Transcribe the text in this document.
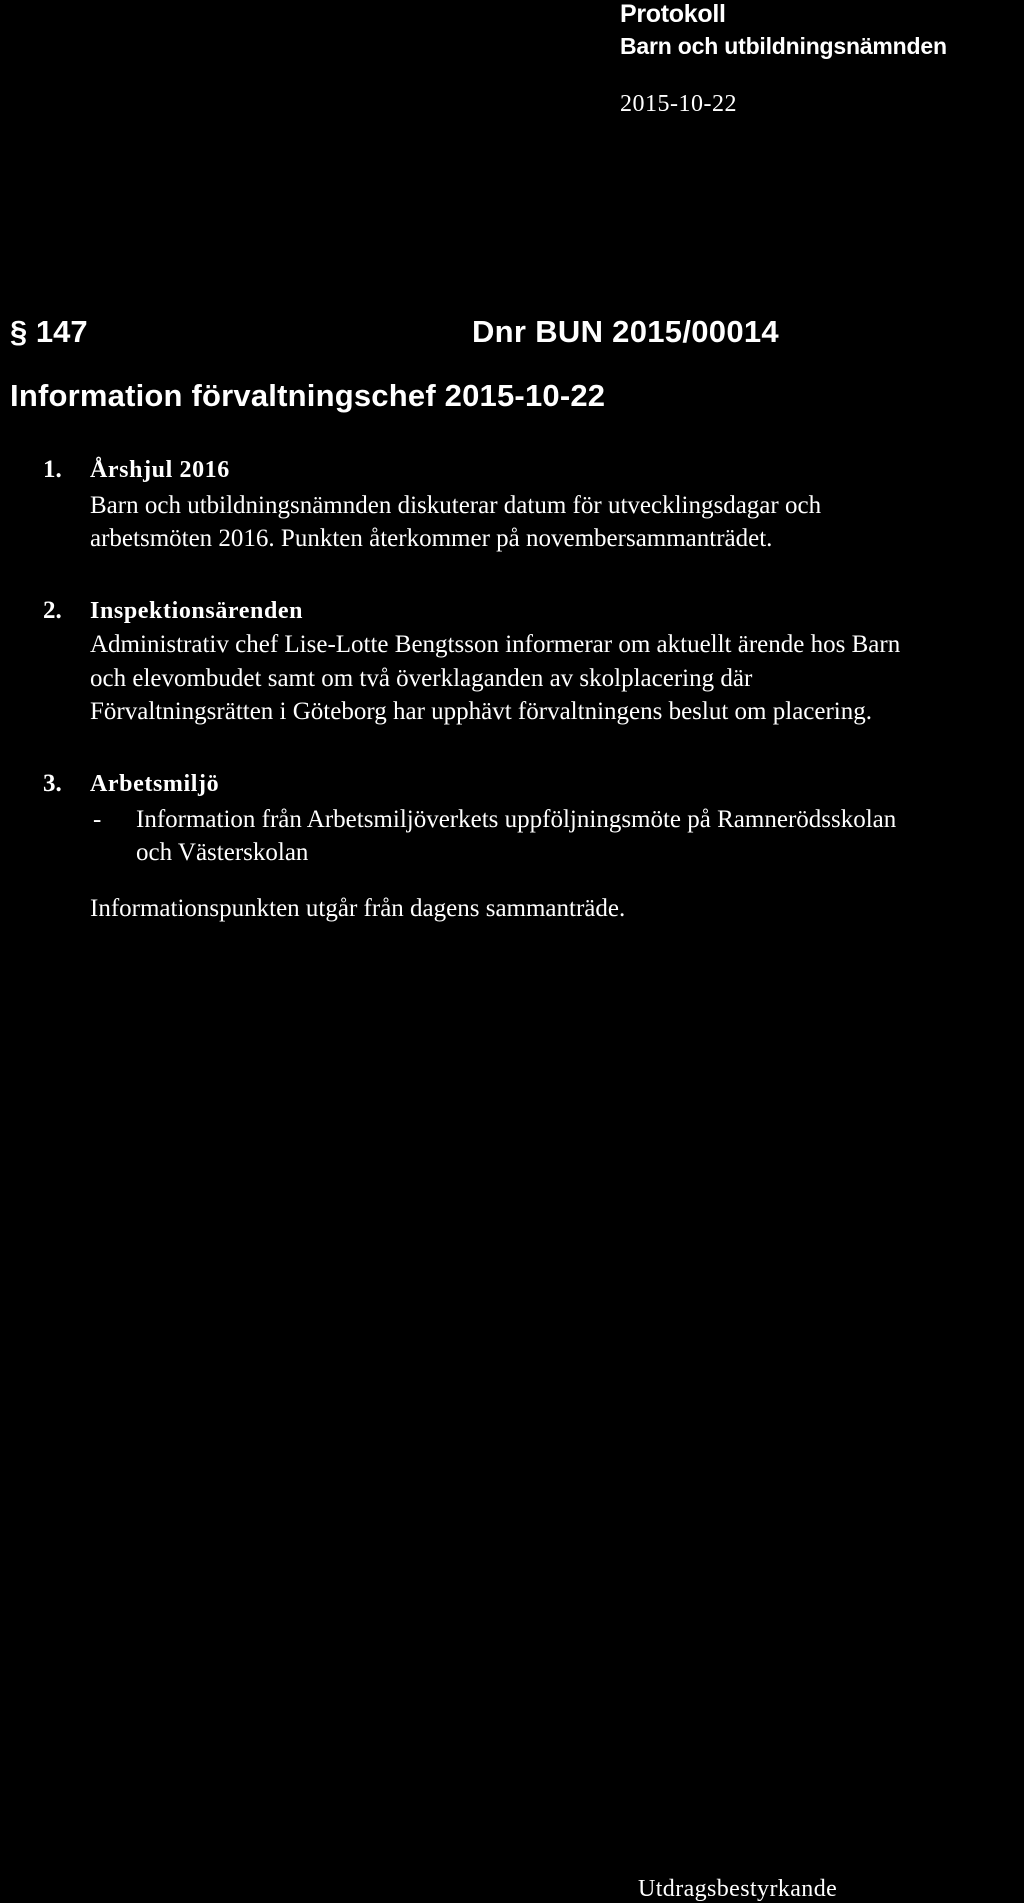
Protokoll
Barn och utbildningsnämnden
2015-10-22
§ 147	Dnr BUN 2015/00014
Information förvaltningschef 2015-10-22
1. Årshjul 2016
Barn och utbildningsnämnden diskuterar datum för utvecklingsdagar och
arbetsmöten 2016. Punkten återkommer på novembersammanträdet.
2. Inspektionsärenden
Administrativ chef Lise-Lotte Bengtsson informerar om aktuellt ärende hos Barn
och elevombudet samt om två överklaganden av skolplacering där
Förvaltningsrätten i Göteborg har upphävt förvaltningens beslut om placering.
3. Arbetsmiljö
- Information från Arbetsmiljöverkets uppföljningsmöte på Ramnerödsskolan
och Västerskolan
Informationspunkten utgår från dagens sammanträde.
Utdragsbestyrkande
